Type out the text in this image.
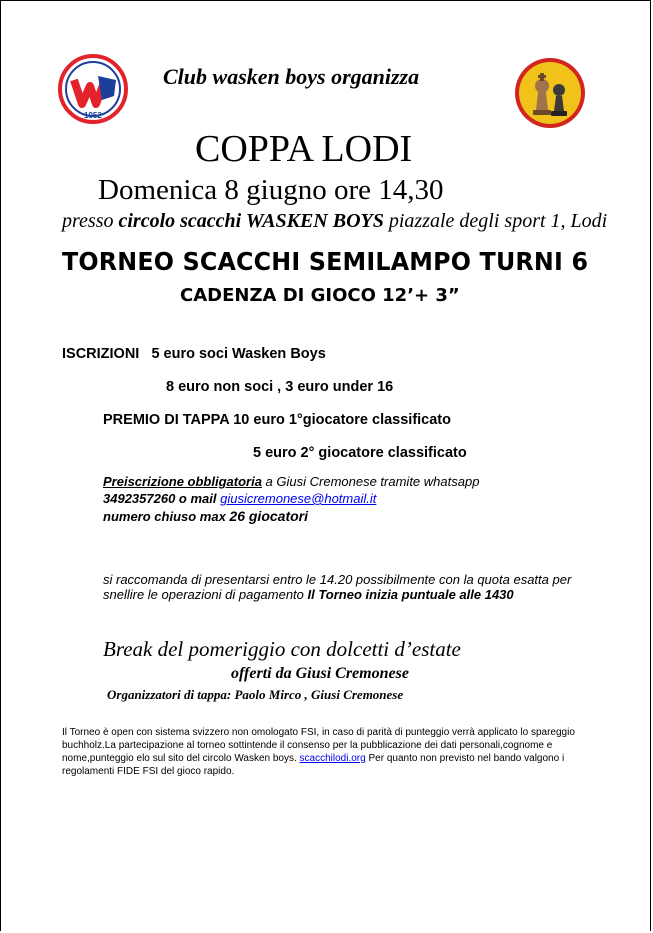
1952
Club wasken boys organizza
COPPA LODI
Domenica 8 giugno ore 14,30
presso circolo scacchi WASKEN BOYS piazzale degli sport 1, Lodi
TORNEO SCACCHI SEMILAMPO TURNI 6
CADENZA DI GIOCO 12’+ 3”
ISCRIZIONI 5 euro soci Wasken Boys
8 euro non soci , 3 euro under 16
PREMIO DI TAPPA 10 euro 1°giocatore classificato
5 euro 2° giocatore classificato
Preiscrizione obbligatoria a Giusi Cremonese tramite whatsapp
3492357260 o mail giusicremonese@hotmail.it
numero chiuso max 26 giocatori
si raccomanda di presentarsi entro le 14.20 possibilmente con la quota esatta per
snellire le operazioni di pagamento Il Torneo inizia puntuale alle 1430
Break del pomeriggio con dolcetti d’estate
offerti da Giusi Cremonese
Organizzatori di tappa: Paolo Mirco , Giusi Cremonese
Il Torneo è open con sistema svizzero non omologato FSI, in caso di parità di punteggio verrà applicato lo spareggio buchholz.La partecipazione al torneo sottintende il consenso per la pubblicazione dei dati personali,cognome e nome,punteggio elo sul sito del circolo Wasken boys. scacchilodi.org Per quanto non previsto nel bando valgono i regolamenti FIDE FSI del gioco rapido.
